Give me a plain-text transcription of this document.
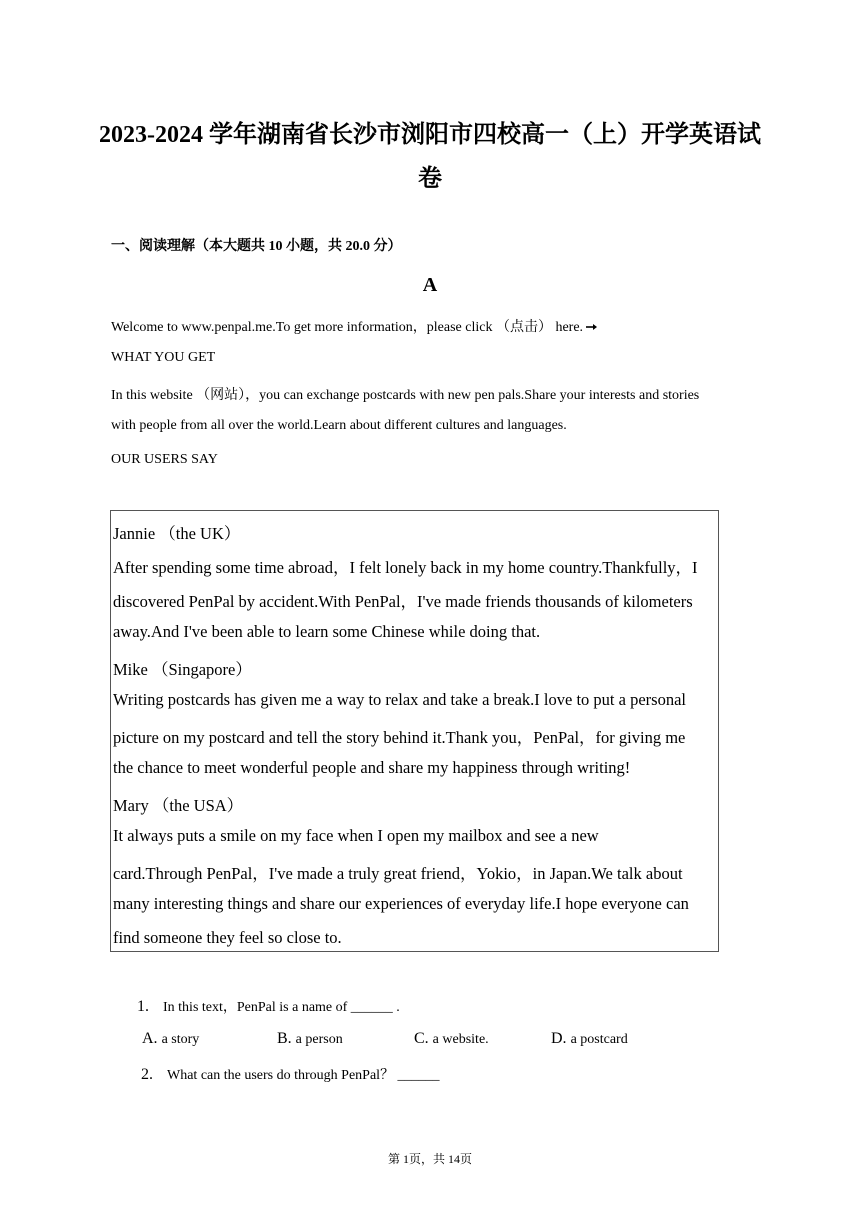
2023-2024 学年湖南省长沙市浏阳市四校高一（上）开学英语试
卷
一、阅读理解（本大题共 10 小题，共 20.0 分）
A
Welcome to www.penpal.me.To get more information，please click （点击） here.
WHAT YOU GET
In this website （网站），you can exchange postcards with new pen pals.Share your interests and stories
with people from all over the world.Learn about different cultures and languages.
OUR USERS SAY
Jannie （the UK）
After spending some time abroad，I felt lonely back in my home country.Thankfully，I
discovered PenPal by accident.With PenPal，I've made friends thousands of kilometers
away.And I've been able to learn some Chinese while doing that.
Mike （Singapore）
Writing postcards has given me a way to relax and take a break.I love to put a personal
picture on my postcard and tell the story behind it.Thank you，PenPal，for giving me
the chance to meet wonderful people and share my happiness through writing!
Mary （the USA）
It always puts a smile on my face when I open my mailbox and see a new
card.Through PenPal，I've made a truly great friend，Yokio，in Japan.We talk about
many interesting things and share our experiences of everyday life.I hope everyone can
find someone they feel so close to.
1. In this text，PenPal is a name of ______ .
A. a story	B. a person	C. a website.	D. a postcard
2. What can the users do through PenPal？ ______
第 1页，共 14页
